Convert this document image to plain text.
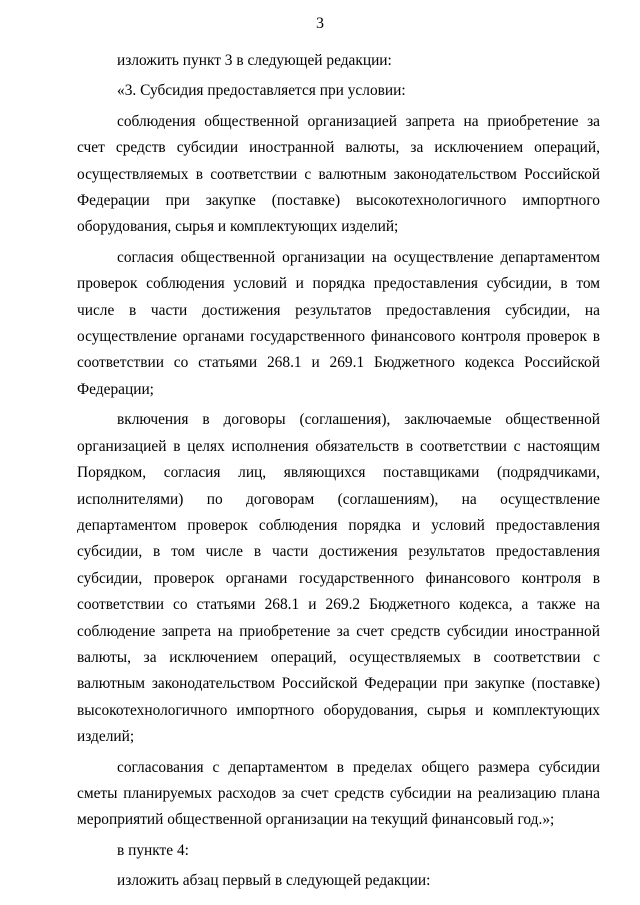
3

изложить пункт 3 в следующей редакции:

«3. Субсидия предоставляется при условии:

соблюдения общественной организацией запрета на приобретение за счет средств субсидии иностранной валюты, за исключением операций, осуществляемых в соответствии с валютным законодательством Российской Федерации при закупке (поставке) высокотехнологичного импортного оборудования, сырья и комплектующих изделий;

согласия общественной организации на осуществление департаментом проверок соблюдения условий и порядка предоставления субсидии, в том числе в части достижения результатов предоставления субсидии, на осуществление органами государственного финансового контроля проверок в соответствии со статьями 268.1 и 269.1 Бюджетного кодекса Российской Федерации;

включения в договоры (соглашения), заключаемые общественной организацией в целях исполнения обязательств в соответствии с настоящим Порядком, согласия лиц, являющихся поставщиками (подрядчиками, исполнителями) по договорам (соглашениям), на осуществление департаментом проверок соблюдения порядка и условий предоставления субсидии, в том числе в части достижения результатов предоставления субсидии, проверок органами государственного финансового контроля в соответствии со статьями 268.1 и 269.2 Бюджетного кодекса, а также на соблюдение запрета на приобретение за счет средств субсидии иностранной валюты, за исключением операций, осуществляемых в соответствии с валютным законодательством Российской Федерации при закупке (поставке) высокотехнологичного импортного оборудования, сырья и комплектующих изделий;

согласования с департаментом в пределах общего размера субсидии сметы планируемых расходов за счет средств субсидии на реализацию плана мероприятий общественной организации на текущий финансовый год.»;

в пункте 4:

изложить абзац первый в следующей редакции:
